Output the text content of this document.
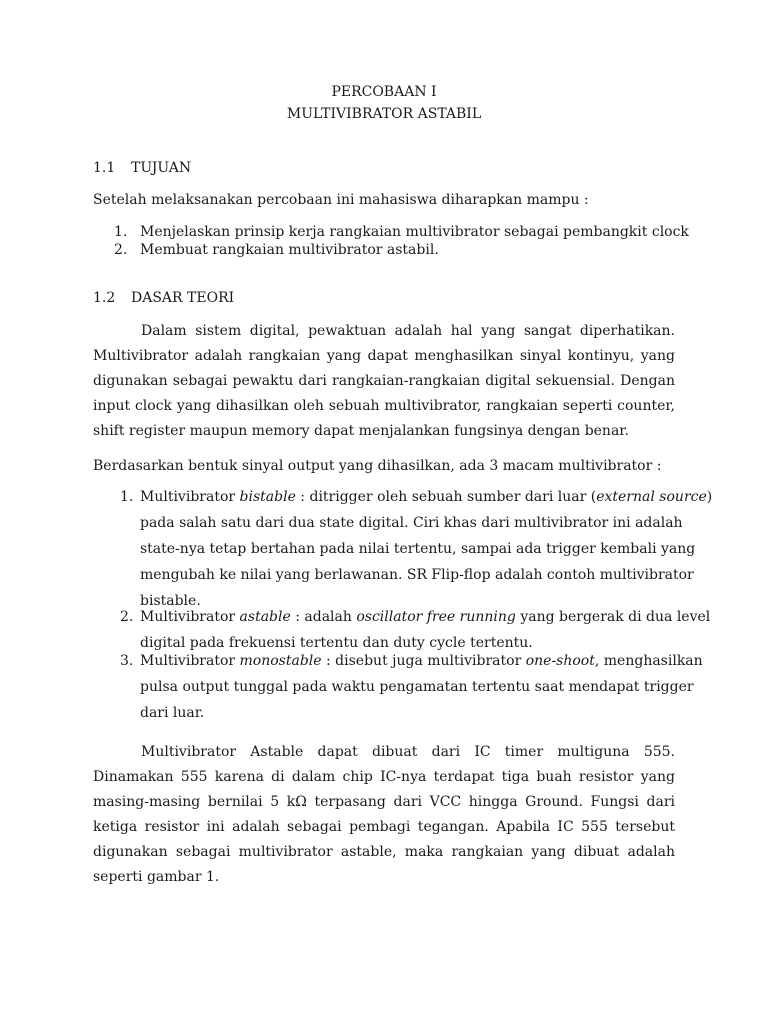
PERCOBAAN I
MULTIVIBRATOR ASTABIL
1.1 TUJUAN
Setelah melaksanakan percobaan ini mahasiswa diharapkan mampu :
1. Menjelaskan prinsip kerja rangkaian multivibrator sebagai pembangkit clock
2. Membuat rangkaian multivibrator astabil.
1.2 DASAR TEORI
Dalam sistem digital, pewaktuan adalah hal yang sangat diperhatikan. Multivibrator adalah rangkaian yang dapat menghasilkan sinyal kontinyu, yang digunakan sebagai pewaktu dari rangkaian-rangkaian digital sekuensial. Dengan input clock yang dihasilkan oleh sebuah multivibrator, rangkaian seperti counter, shift register maupun memory dapat menjalankan fungsinya dengan benar.
Berdasarkan bentuk sinyal output yang dihasilkan, ada 3 macam multivibrator :
1. Multivibrator bistable : ditrigger oleh sebuah sumber dari luar (external source)
pada salah satu dari dua state digital. Ciri khas dari multivibrator ini adalah
state-nya tetap bertahan pada nilai tertentu, sampai ada trigger kembali yang
mengubah ke nilai yang berlawanan. SR Flip-flop adalah contoh multivibrator
bistable.
2. Multivibrator astable : adalah oscillator free running yang bergerak di dua level
digital pada frekuensi tertentu dan duty cycle tertentu.
3. Multivibrator monostable : disebut juga multivibrator one-shoot, menghasilkan
pulsa output tunggal pada waktu pengamatan tertentu saat mendapat trigger
dari luar.
Multivibrator Astable dapat dibuat dari IC timer multiguna 555. Dinamakan 555 karena di dalam chip IC-nya terdapat tiga buah resistor yang masing-masing bernilai 5 kΩ terpasang dari VCC hingga Ground. Fungsi dari ketiga resistor ini adalah sebagai pembagi tegangan. Apabila IC 555 tersebut digunakan sebagai multivibrator astable, maka rangkaian yang dibuat adalah seperti gambar 1.
